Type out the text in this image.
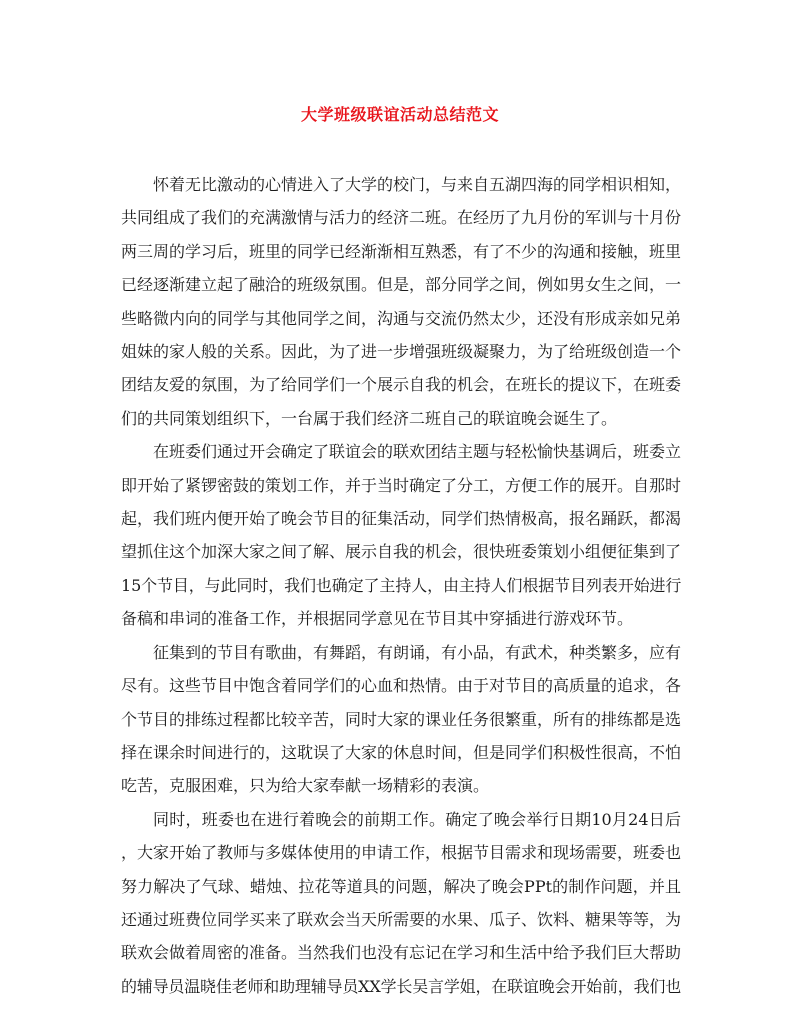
大学班级联谊活动总结范文

怀着无比激动的心情进入了大学的校门，与来自五湖四海的同学相识相知，
共同组成了我们的充满激情与活力的经济二班。在经历了九月份的军训与十月份
两三周的学习后，班里的同学已经渐渐相互熟悉，有了不少的沟通和接触，班里
已经逐渐建立起了融洽的班级氛围。但是，部分同学之间，例如男女生之间，一
些略微内向的同学与其他同学之间，沟通与交流仍然太少，还没有形成亲如兄弟
姐妹的家人般的关系。因此，为了进一步增强班级凝聚力，为了给班级创造一个
团结友爱的氛围，为了给同学们一个展示自我的机会，在班长的提议下，在班委
们的共同策划组织下，一台属于我们经济二班自己的联谊晚会诞生了。

在班委们通过开会确定了联谊会的联欢团结主题与轻松愉快基调后，班委立
即开始了紧锣密鼓的策划工作，并于当时确定了分工，方便工作的展开。自那时
起，我们班内便开始了晚会节目的征集活动，同学们热情极高，报名踊跃，都渴
望抓住这个加深大家之间了解、展示自我的机会，很快班委策划小组便征集到了
15个节目，与此同时，我们也确定了主持人，由主持人们根据节目列表开始进行
备稿和串词的准备工作，并根据同学意见在节目其中穿插进行游戏环节。

征集到的节目有歌曲，有舞蹈，有朗诵，有小品，有武术，种类繁多，应有
尽有。这些节目中饱含着同学们的心血和热情。由于对节目的高质量的追求，各
个节目的排练过程都比较辛苦，同时大家的课业任务很繁重，所有的排练都是选
择在课余时间进行的，这耽误了大家的休息时间，但是同学们积极性很高，不怕
吃苦，克服困难，只为给大家奉献一场精彩的表演。

同时，班委也在进行着晚会的前期工作。确定了晚会举行日期10月24日后
，大家开始了教师与多媒体使用的申请工作，根据节目需求和现场需要，班委也
努力解决了气球、蜡烛、拉花等道具的问题，解决了晚会PPt的制作问题，并且
还通过班费位同学买来了联欢会当天所需要的水果、瓜子、饮料、糖果等等，为
联欢会做着周密的准备。当然我们也没有忘记在学习和生活中给予我们巨大帮助
的辅导员温晓佳老师和助理辅导员XX学长吴言学姐，在联谊晚会开始前，我们也
